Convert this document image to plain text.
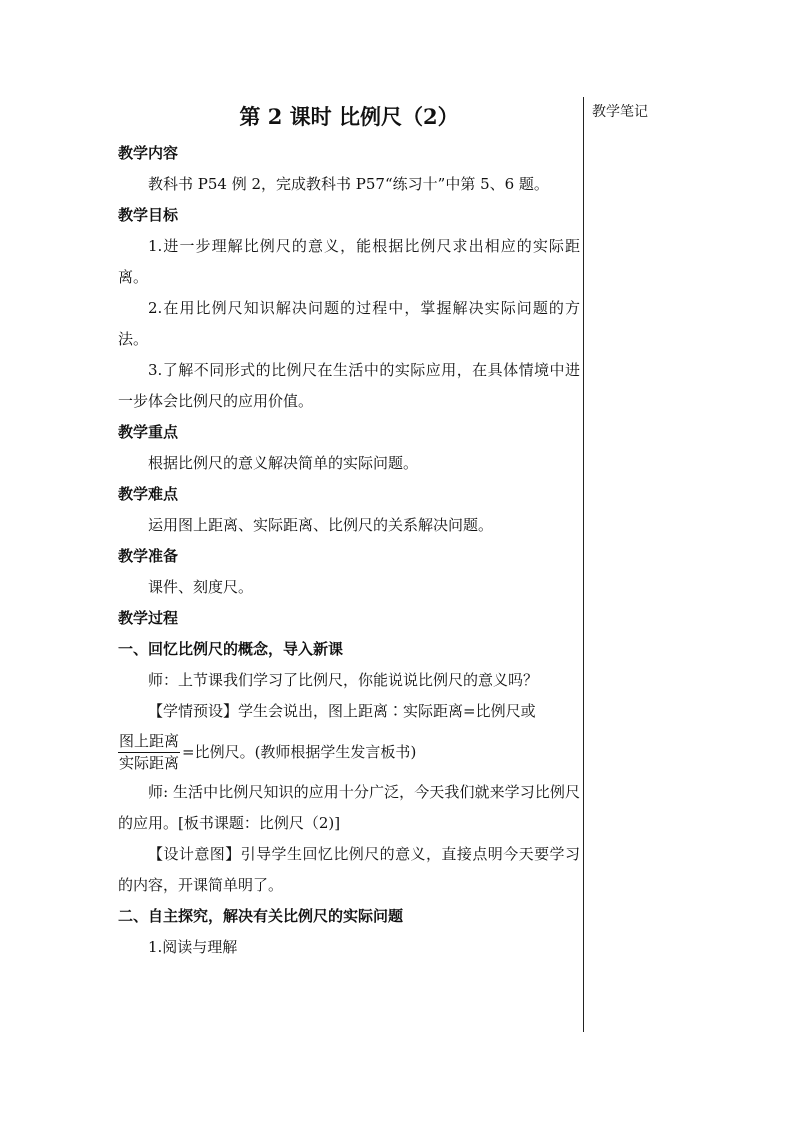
教学笔记
第 2 课时 比例尺（2）
教学内容
教科书 P54 例 2，完成教科书 P57“练习十”中第 5、6 题。
教学目标
1.进一步理解比例尺的意义，能根据比例尺求出相应的实际距离。
2.在用比例尺知识解决问题的过程中，掌握解决实际问题的方法。
3.了解不同形式的比例尺在生活中的实际应用，在具体情境中进一步体会比例尺的应用价值。
教学重点
根据比例尺的意义解决简单的实际问题。
教学难点
运用图上距离、实际距离、比例尺的关系解决问题。
教学准备
课件、刻度尺。
教学过程
一、回忆比例尺的概念，导入新课
师：上节课我们学习了比例尺，你能说说比例尺的意义吗？
【学情预设】学生会说出，图上距离∶实际距离=比例尺或
$\frac{\text{图上距离}}{\text{实际距离}}$ =比例尺。(教师根据学生发言板书)
师: 生活中比例尺知识的应用十分广泛，今天我们就来学习比例尺的应用。[板书课题：比例尺（2)]
【设计意图】引导学生回忆比例尺的意义，直接点明今天要学习的内容，开课简单明了。
二、自主探究，解决有关比例尺的实际问题
1.阅读与理解
